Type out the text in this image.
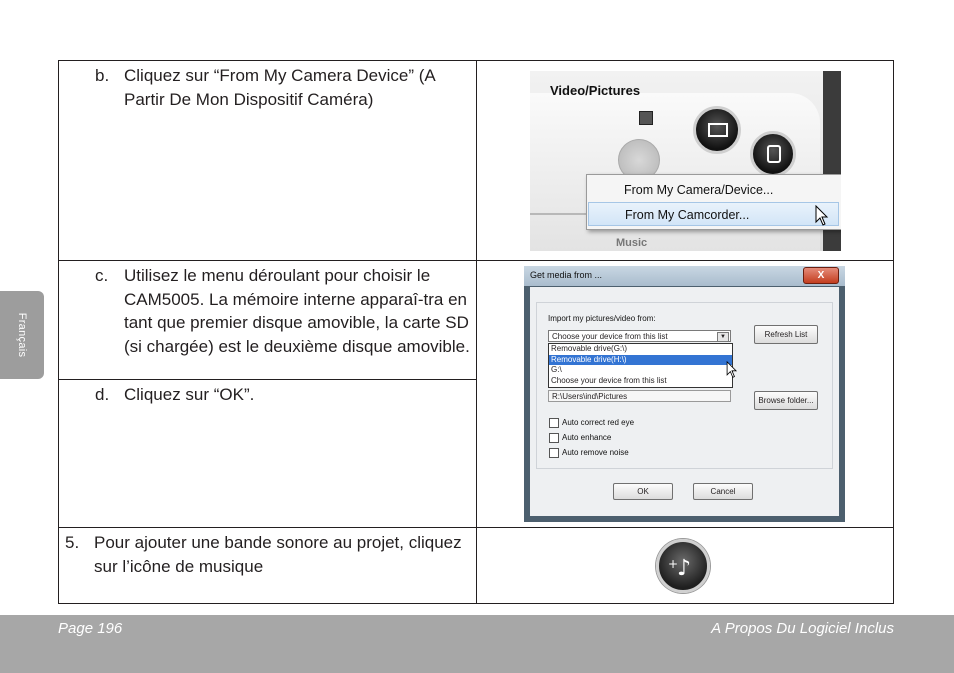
Français
b. Cliquez sur “From My Camera Device” (A Partir De Mon Dispositif Caméra)
c. Utilisez le menu déroulant pour choisir le CAM5005. La mémoire interne apparaî-tra en tant que premier disque amovible, la carte SD (si chargée) est le deuxième disque amovible.
d. Cliquez sur “OK”.
5. Pour ajouter une bande sonore au projet, cliquez sur l’icône de musique
Video/Pictures
From My Camera/Device...
From My Camcorder...
Music
Get media from ...	X
Import my pictures/video from:
Choose your device from this list	▼
Removable drive(G:\)
Removable drive(H:\)
G:\
Choose your device from this list
Refresh List
R:\Users\ind\Pictures	Browse folder...
Auto correct red eye
Auto enhance
Auto remove noise
OK	Cancel
+
♪
Page 196	A Propos Du Logiciel Inclus
